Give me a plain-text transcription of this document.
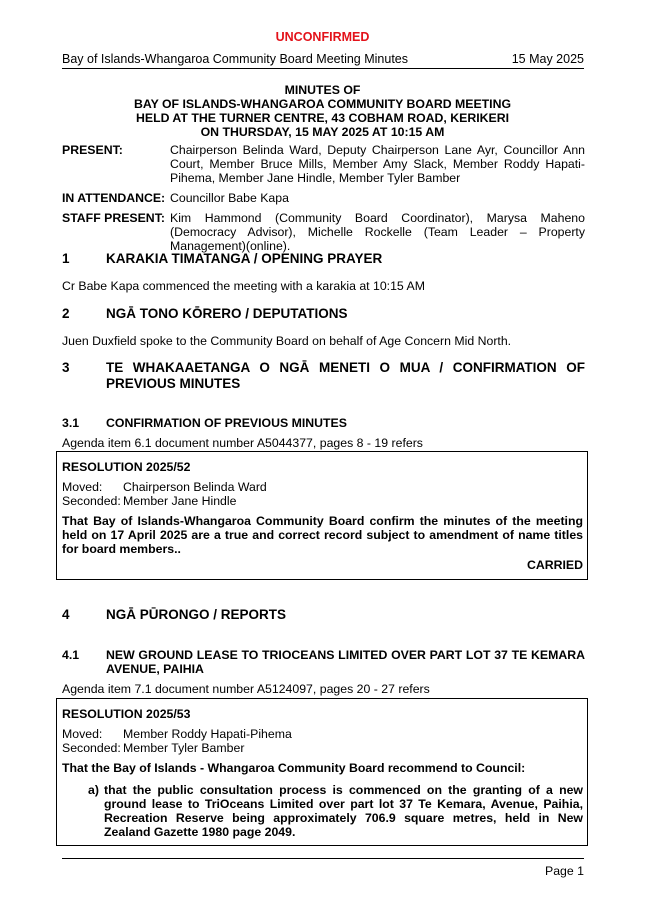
UNCONFIRMED
Bay of Islands-Whangaroa Community Board Meeting Minutes	15 May 2025
MINUTES OF
BAY OF ISLANDS-WHANGAROA COMMUNITY BOARD MEETING
HELD AT THE TURNER CENTRE, 43 COBHAM ROAD, KERIKERI
ON THURSDAY, 15 MAY 2025 AT 10:15 AM
PRESENT:	Chairperson Belinda Ward, Deputy Chairperson Lane Ayr, Councillor Ann Court, Member Bruce Mills, Member Amy Slack, Member Roddy Hapati-Pihema, Member Jane Hindle, Member Tyler Bamber
IN ATTENDANCE: Councillor Babe Kapa
STAFF PRESENT: Kim Hammond (Community Board Coordinator), Marysa Maheno (Democracy Advisor), Michelle Rockelle (Team Leader – Property Management)(online).
1	KARAKIA TIMATANGA / OPENING PRAYER
Cr Babe Kapa commenced the meeting with a karakia at 10:15 AM
2	NGĀ TONO KŌRERO / DEPUTATIONS
Juen Duxfield spoke to the Community Board on behalf of Age Concern Mid North.
3	TE WHAKAAETANGA O NGĀ MENETI O MUA / CONFIRMATION OF PREVIOUS MINUTES
3.1 CONFIRMATION OF PREVIOUS MINUTES
Agenda item 6.1 document number A5044377, pages 8 - 19 refers
RESOLUTION 2025/52
Moved: Chairperson Belinda Ward
Seconded: Member Jane Hindle
That Bay of Islands-Whangaroa Community Board confirm the minutes of the meeting held on 17 April 2025 are a true and correct record subject to amendment of name titles for board members..
CARRIED
4	NGĀ PŪRONGO / REPORTS
4.1 NEW GROUND LEASE TO TRIOCEANS LIMITED OVER PART LOT 37 TE KEMARA AVENUE, PAIHIA
Agenda item 7.1 document number A5124097, pages 20 - 27 refers
RESOLUTION 2025/53
Moved: Member Roddy Hapati-Pihema
Seconded: Member Tyler Bamber
That the Bay of Islands - Whangaroa Community Board recommend to Council:
a) that the public consultation process is commenced on the granting of a new ground lease to TriOceans Limited over part lot 37 Te Kemara, Avenue, Paihia, Recreation Reserve being approximately 706.9 square metres, held in New Zealand Gazette 1980 page 2049.
Page 1
